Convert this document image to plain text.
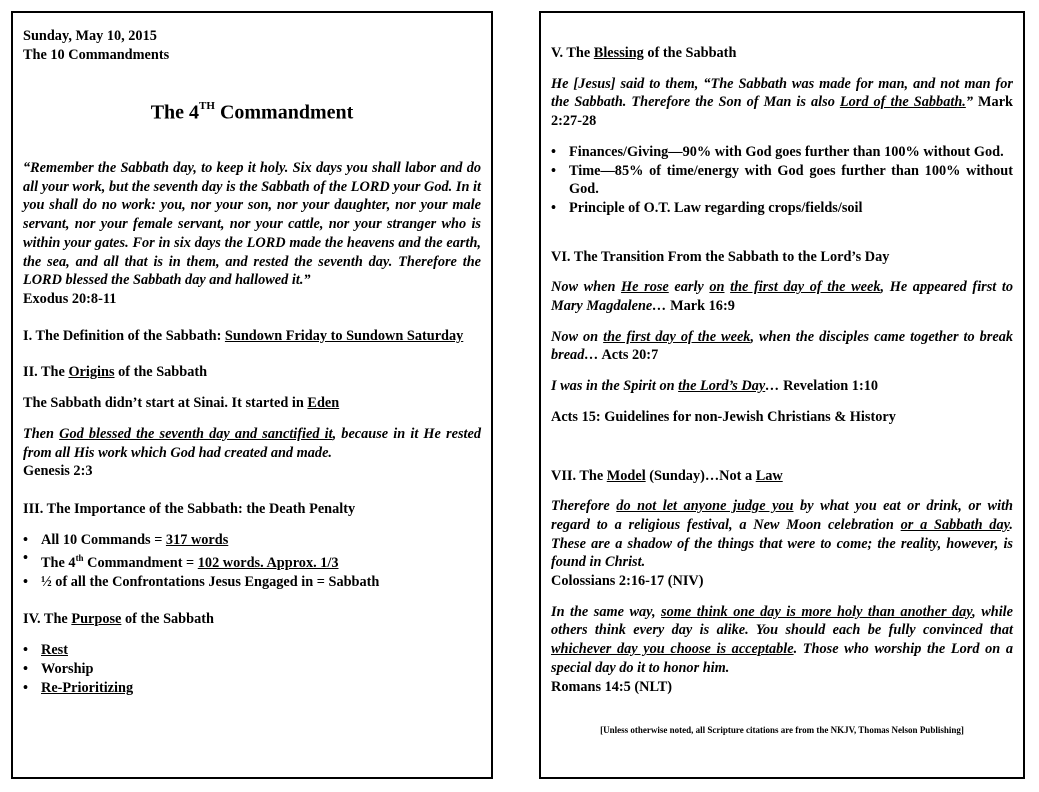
Sunday, May 10, 2015

The 10 Commandments

The 4TH Commandment

“Remember the Sabbath day, to keep it holy. Six days you shall labor and do all your work, but the seventh day is the Sabbath of the LORD your God. In it you shall do no work: you, nor your son, nor your daughter, nor your male servant, nor your female servant, nor your cattle, nor your stranger who is within your gates. For in six days the LORD made the heavens and the earth, the sea, and all that is in them, and rested the seventh day. Therefore the LORD blessed the Sabbath day and hallowed it.”

Exodus 20:8-11

I. The Definition of the Sabbath: Sundown Friday to Sundown Saturday

II. The Origins of the Sabbath

The Sabbath didn’t start at Sinai. It started in Eden

Then God blessed the seventh day and sanctified it, because in it He rested from all His work which God had created and made.

Genesis 2:3

III. The Importance of the Sabbath: the Death Penalty

• All 10 Commands = 317 words
• The 4th Commandment = 102 words. Approx. 1/3
• ½ of all the Confrontations Jesus Engaged in = Sabbath

IV. The Purpose of the Sabbath

• Rest
• Worship
• Re-Prioritizing

V. The Blessing of the Sabbath

He [Jesus] said to them, “The Sabbath was made for man, and not man for the Sabbath. Therefore the Son of Man is also Lord of the Sabbath.” Mark 2:27-28

• Finances/Giving—90% with God goes further than 100% without God.
• Time—85% of time/energy with God goes further than 100% without God.
• Principle of O.T. Law regarding crops/fields/soil

VI. The Transition From the Sabbath to the Lord’s Day

Now when He rose early on the first day of the week, He appeared first to Mary Magdalene… Mark 16:9

Now on the first day of the week, when the disciples came together to break bread… Acts 20:7

I was in the Spirit on the Lord’s Day… Revelation 1:10

Acts 15: Guidelines for non-Jewish Christians & History

VII. The Model (Sunday)…Not a Law

Therefore do not let anyone judge you by what you eat or drink, or with regard to a religious festival, a New Moon celebration or a Sabbath day. These are a shadow of the things that were to come; the reality, however, is found in Christ.

Colossians 2:16-17 (NIV)

In the same way, some think one day is more holy than another day, while others think every day is alike. You should each be fully convinced that whichever day you choose is acceptable. Those who worship the Lord on a special day do it to honor him.

Romans 14:5 (NLT)

[Unless otherwise noted, all Scripture citations are from the NKJV, Thomas Nelson Publishing]
